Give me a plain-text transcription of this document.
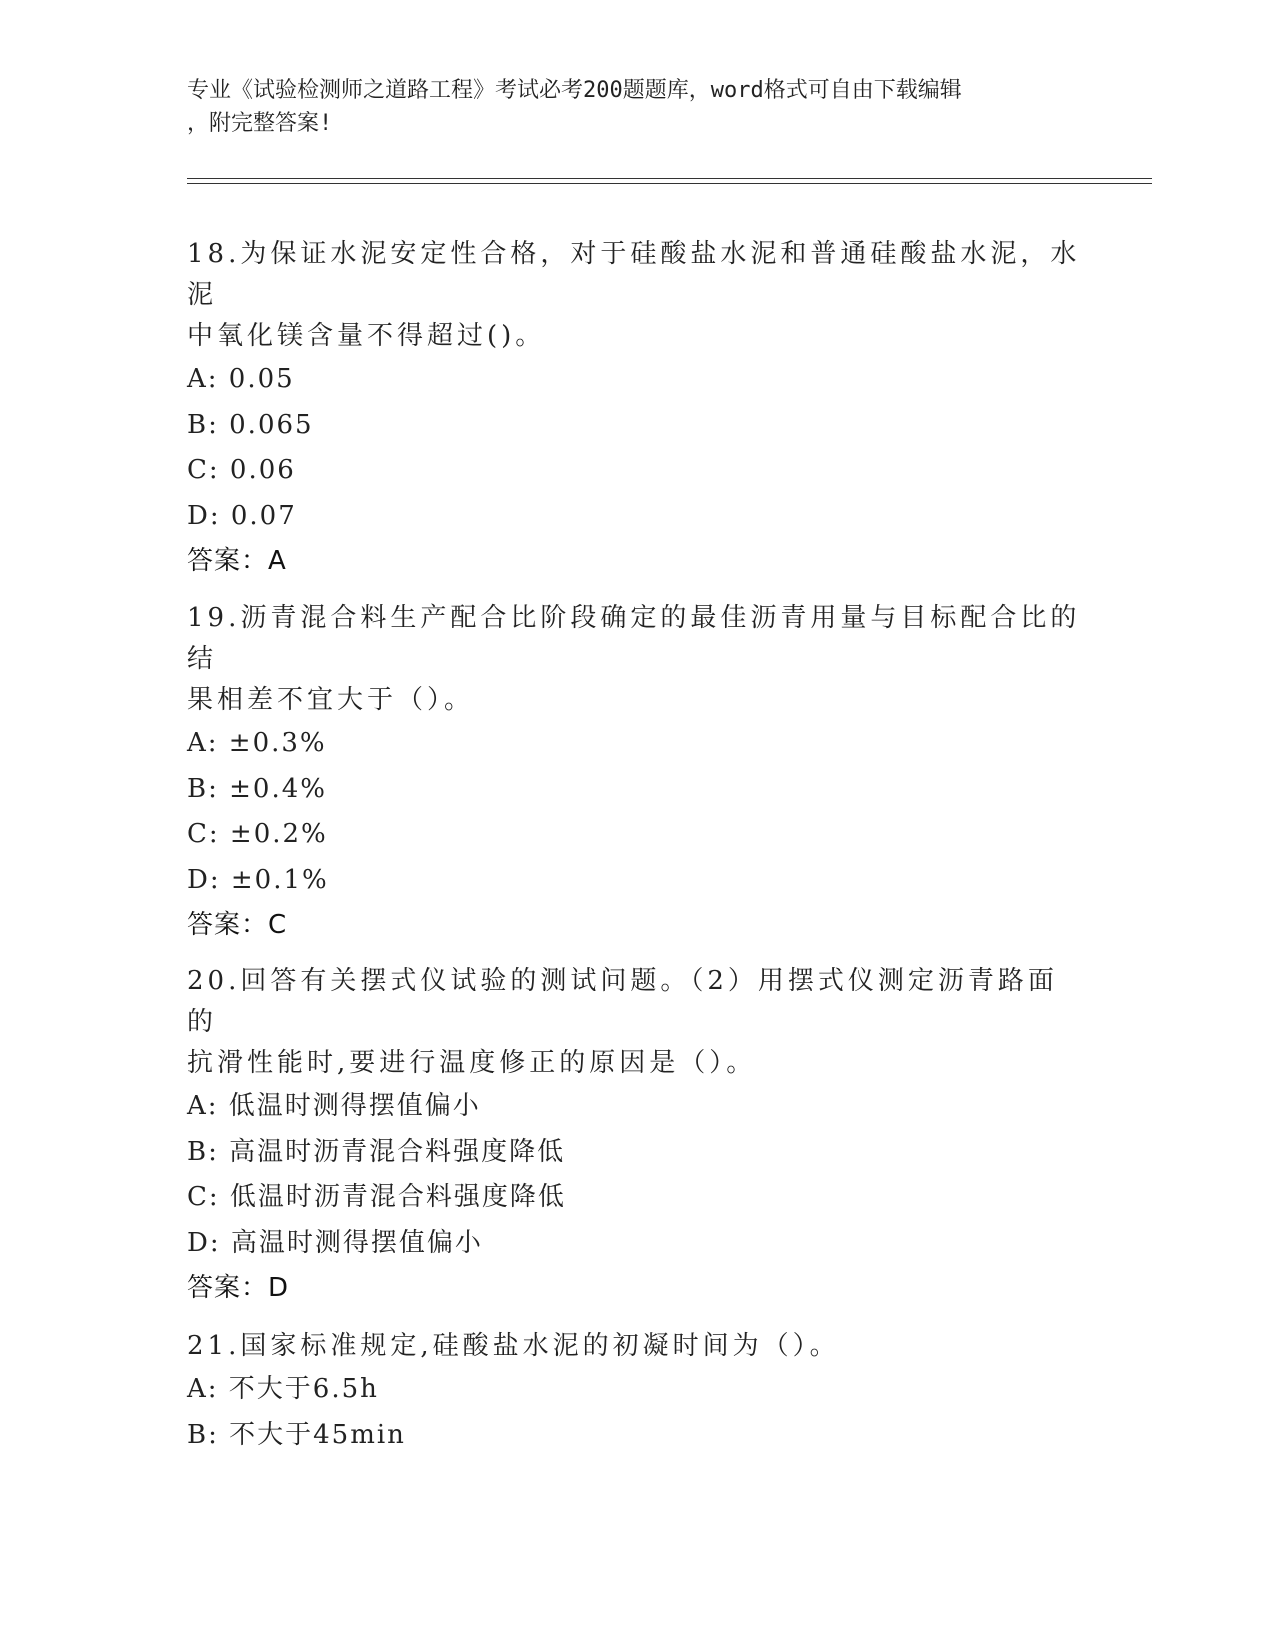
专业《试验检测师之道路工程》考试必考200题题库，word格式可自由下载编辑
，附完整答案!
18.为保证水泥安定性合格，对于硅酸盐水泥和普通硅酸盐水泥，水泥
中氧化镁含量不得超过()。
A: 0.05
B: 0.065
C: 0.06
D: 0.07
答案：A
19.沥青混合料生产配合比阶段确定的最佳沥青用量与目标配合比的结
果相差不宜大于（）。
A: ±0.3%
B: ±0.4%
C: ±0.2%
D: ±0.1%
答案：C
20.回答有关摆式仪试验的测试问题。（2）用摆式仪测定沥青路面的
抗滑性能时,要进行温度修正的原因是（）。
A: 低温时测得摆值偏小
B: 高温时沥青混合料强度降低
C: 低温时沥青混合料强度降低
D: 高温时测得摆值偏小
答案：D
21.国家标准规定,硅酸盐水泥的初凝时间为（）。
A: 不大于6.5h
B: 不大于45min
